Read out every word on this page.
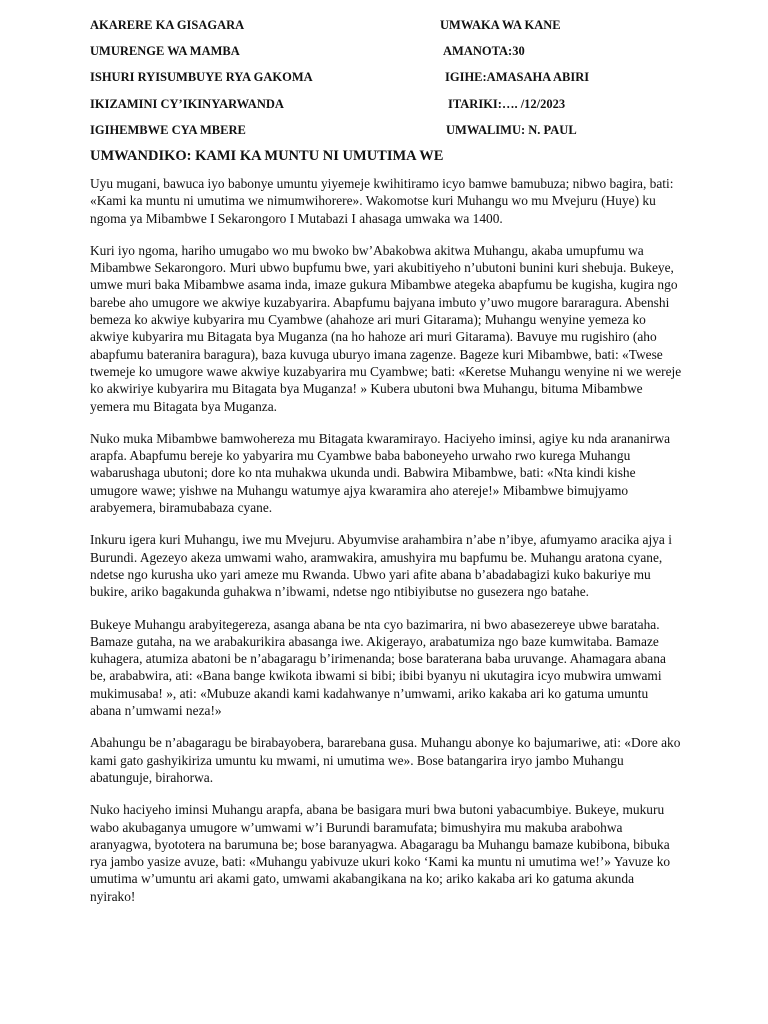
AKARERE KA GISAGARA	UMWAKA WA KANE
UMURENGE WA MAMBA	AMANOTA:30
ISHURI RYISUMBUYE RYA GAKOMA	IGIHE:AMASAHA ABIRI
IKIZAMINI CY’IKINYARWANDA	ITARIKI:…. /12/2023
IGIHEMBWE CYA MBERE	UMWALIMU: N. PAUL
UMWANDIKO: KAMI KA MUNTU NI UMUTIMA WE

Uyu mugani, bawuca iyo babonye umuntu yiyemeje kwihitiramo icyo bamwe bamubuza; nibwo bagira, bati: «Kami ka muntu ni umutima we nimumwihorere». Wakomotse kuri Muhangu wo mu Mvejuru (Huye) ku ngoma ya Mibambwe I Sekarongoro I Mutabazi I ahasaga umwaka wa 1400.

Kuri iyo ngoma, hariho umugabo wo mu bwoko bw’Abakobwa akitwa Muhangu, akaba umupfumu wa Mibambwe Sekarongoro. Muri ubwo bupfumu bwe, yari akubitiyeho n’ubutoni bunini kuri shebuja. Bukeye, umwe muri baka Mibambwe asama inda, imaze gukura Mibambwe ategeka abapfumu be kugisha, kugira ngo barebe aho umugore we akwiye kuzabyarira. Abapfumu bajyana imbuto y’uwo mugore bararagura. Abenshi bemeza ko akwiye kubyarira mu Cyambwe (ahahoze ari muri Gitarama); Muhangu wenyine yemeza ko akwiye kubyarira mu Bitagata bya Muganza (na ho hahoze ari muri Gitarama). Bavuye mu rugishiro (aho abapfumu bateranira baragura), baza kuvuga uburyo imana zagenze. Bageze kuri Mibambwe, bati: «Twese twemeje ko umugore wawe akwiye kuzabyarira mu Cyambwe; bati: «Keretse Muhangu wenyine ni we wereje ko akwiriye kubyarira mu Bitagata bya Muganza! » Kubera ubutoni bwa Muhangu, bituma Mibambwe yemera mu Bitagata bya Muganza.

Nuko muka Mibambwe bamwohereza mu Bitagata kwaramirayo. Haciyeho iminsi, agiye ku nda arananirwa arapfa. Abapfumu bereje ko yabyarira mu Cyambwe baba baboneyeho urwaho rwo kurega Muhangu wabarushaga ubutoni; dore ko nta muhakwa ukunda undi. Babwira Mibambwe, bati: «Nta kindi kishe umugore wawe; yishwe na Muhangu watumye ajya kwaramira aho atereje!» Mibambwe bimujyamo arabyemera, biramubabaza cyane.

Inkuru igera kuri Muhangu, iwe mu Mvejuru. Abyumvise arahambira n’abe n’ibye, afumyamo aracika ajya i Burundi. Agezeyo akeza umwami waho, aramwakira, amushyira mu bapfumu be. Muhangu aratona cyane, ndetse ngo kurusha uko yari ameze mu Rwanda. Ubwo yari afite abana b’abadabagizi kuko bakuriye mu bukire, ariko bagakunda guhakwa n’ibwami, ndetse ngo ntibiyibutse no gusezera ngo batahe.

Bukeye Muhangu arabyitegereza, asanga abana be nta cyo bazimarira, ni bwo abasezereye ubwe barataha. Bamaze gutaha, na we arabakurikira abasanga iwe. Akigerayo, arabatumiza ngo baze kumwitaba. Bamaze kuhagera, atumiza abatoni be n’abagaragu b’irimenanda; bose baraterana baba uruvange. Ahamagara abana be, arababwira, ati: «Bana bange kwikota ibwami si bibi; ibibi byanyu ni ukutagira icyo mubwira umwami mukimusaba! », ati: «Mubuze akandi kami kadahwanye n’umwami, ariko kakaba ari ko gatuma umuntu abana n’umwami neza!»

Abahungu be n’abagaragu be birabayobera, bararebana gusa. Muhangu abonye ko bajumariwe, ati: «Dore ako kami gato gashyikiriza umuntu ku mwami, ni umutima we». Bose batangarira iryo jambo Muhangu abatunguje, birahorwa.

Nuko haciyeho iminsi Muhangu arapfa, abana be basigara muri bwa butoni yabacumbiye. Bukeye, mukuru wabo akubaganya umugore w’umwami w’i Burundi baramufata; bimushyira mu makuba arabohwa aranyagwa, byototera na barumuna be; bose baranyagwa. Abagaragu ba Muhangu bamaze kubibona, bibuka rya jambo yasize avuze, bati: «Muhangu yabivuze ukuri koko ‘Kami ka muntu ni umutima we!’» Yavuze ko umutima w’umuntu ari akami gato, umwami akabangikana na ko; ariko kakaba ari ko gatuma akunda nyirako!
